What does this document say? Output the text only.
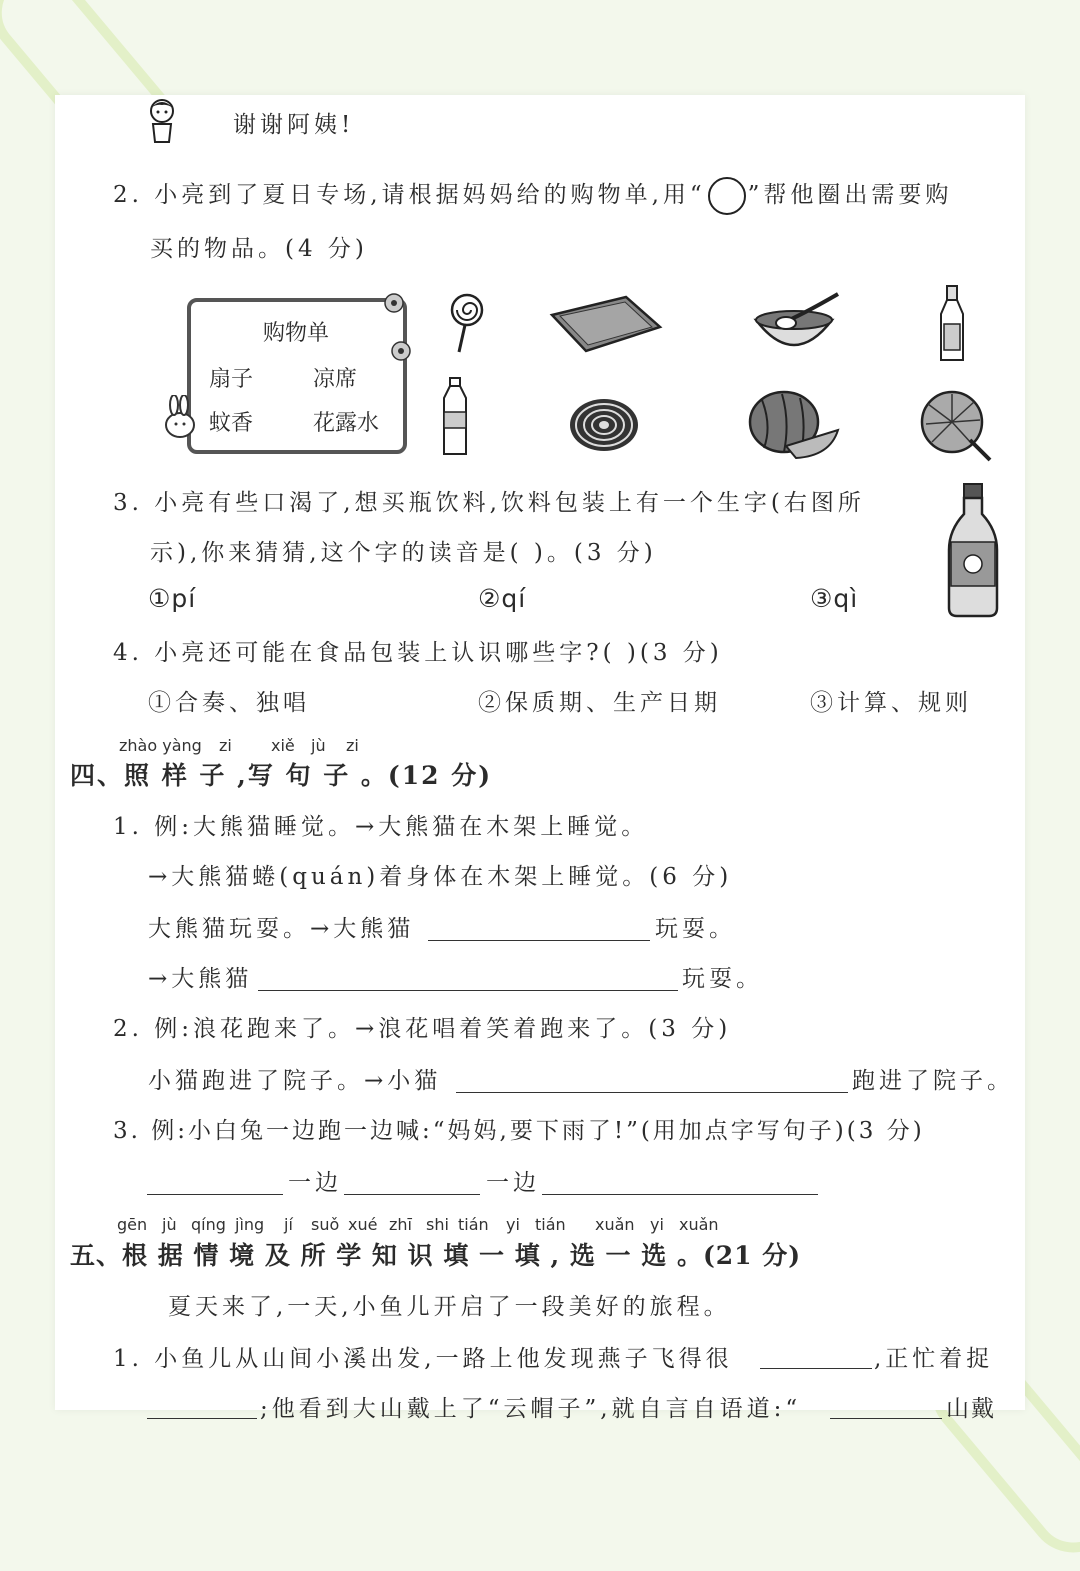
谢谢阿姨!
2. 小亮到了夏日专场,请根据妈妈给的购物单,用“ ”帮他圈出需要购
买的物品。(4 分)
购物单
扇子	凉席
蚊香	花露水
3. 小亮有些口渴了,想买瓶饮料,饮料包装上有一个生字(右图所
示),你来猜猜,这个字的读音是( )。(3 分)
①pí	②qí	③qì
4. 小亮还可能在食品包装上认识哪些字?( )(3 分)
①合奏、独唱	②保质期、生产日期	③计算、规则
zhào yàng zi xiě jù zi
四、照 样 子 ,写 句 子 。(12 分)
1. 例:大熊猫睡觉。→大熊猫在木架上睡觉。
→大熊猫蜷(quán)着身体在木架上睡觉。(6 分)
大熊猫玩耍。→大熊猫	玩耍。
→大熊猫	玩耍。
2. 例:浪花跑来了。→浪花唱着笑着跑来了。(3 分)
小猫跑进了院子。→小猫	跑进了院子。
3. 例:小白兔一边跑一边喊:“妈妈,要下雨了!”(用加点字写句子)(3 分)
一边	一边
gēn jù qíng jìng jí suǒ xué zhī shi tián yi tián xuǎn yi xuǎn
五、根 据 情 境 及 所 学 知 识 填 一 填 , 选 一 选 。(21 分)
夏天来了,一天,小鱼儿开启了一段美好的旅程。
1. 小鱼儿从山间小溪出发,一路上他发现燕子飞得很	,正忙着捉
;他看到大山戴上了“云帽子”,就自言自语道:“	山戴
